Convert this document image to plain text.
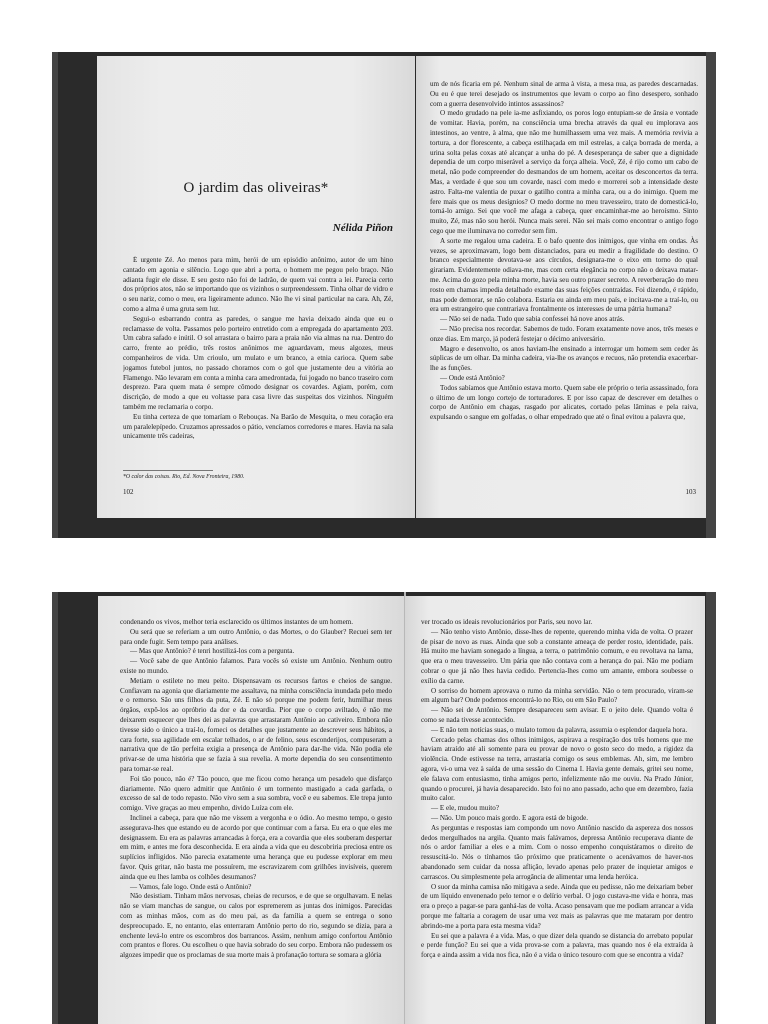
O jardim das oliveiras*
Nélida Piñon

É urgente Zé. Ao menos para mim, herói de um episódio anônimo, autor de um hino cantado em agonia e silêncio. Logo que abri a porta, o homem me pegou pelo braço. Não adianta fugir ele disse. E seu gesto não foi de ladrão, de quem vai contra a lei. Parecia certo dos próprios atos, não se importando que os vizinhos o surpreendessem. Tinha olhar de vidro e o seu nariz, como o meu, era ligeiramente adunco. Não lhe vi sinal particular na cara. Ah, Zé, como a alma é uma gruta sem luz.

Segui-o esbarrando contra as paredes, o sangue me havia deixado ainda que eu o reclamasse de volta. Passamos pelo porteiro entretido com a empregada do apartamento 203. Um cabra safado e inútil. O sol arrastara o bairro para a praia não via almas na rua. Dentro do carro, frente ao prédio, três rostos anônimos me aguardavam, meus algozes, meus companheiros de vida. Um crioulo, um mulato e um branco, a etnia carioca. Quem sabe jogamos futebol juntos, no passado choramos com o gol que justamente deu a vitória ao Flamengo. Não levaram em conta a minha cara amedrontada, fui jogado no banco traseiro com desprezo. Para quem mata é sempre cômodo designar os covardes. Agiam, porém, com discrição, de modo a que eu voltasse para casa livre das suspeitas dos vizinhos. Ninguém também me reclamaria o corpo.

Eu tinha certeza de que tomaríam o Rebouças. Na Barão de Mesquita, o meu coração era um paralelepípedo. Cruzamos apressados o pátio, vencíamos corredores e mares. Havia na sala unicamente três cadeiras,

*O calor das coisas. Rio, Ed. Nova Fronteira, 1980.
102

um de nós ficaria em pé. Nenhum sinal de arma à vista, a mesa nua, as paredes descarnadas. Ou eu é que terei desejado os instrumentos que levam o corpo ao fino desespero, sonhado com a guerra desenvolvido intintos assassinos?

O medo grudado na pele ia-me asfixiando, os poros logo entupiam-se de ânsia e vontade de vomitar. Havia, porém, na consciência uma brecha através da qual eu implorava aos intestinos, ao ventre, à alma, que não me humilhassem uma vez mais. A memória revivia a tortura, a dor florescente, a cabeça estilhaçada em mil estrelas, a calça borrada de merda, a urina solta pelas coxas até alcançar a unha do pé. A desesperança de saber que a dignidade dependia de um corpo miserável a serviço da força alheia. Você, Zé, é rijo como um cabo de metal, não pode compreender do desmandos de um homem, aceitar os desconcertos da terra. Mas, a verdade é que sou um covarde, nasci com medo e morrerei sob a intensidade deste astro. Falta-me valentia de puxar o gatilho contra a minha cara, ou a do inimigo. Quem me fere mais que os meus desígnios? O medo dorme no meu travesseiro, trato de domesticá-lo, torná-lo amigo. Sei que você me afaga a cabeça, quer encaminhar-me ao heroísmo. Sinto muito, Zé, mas não sou herói. Nunca mais serei. Não sei mais como encontrar o antigo fogo cego que me iluminava no corredor sem fim.

A sorte me regalou uma cadeira. E o bafo quente dos inimigos, que vinha em ondas. Às vezes, se aproximavam, logo bem distanciados, para eu medir a fragilidade do destino. O branco especialmente devotava-se aos círculos, designara-me o eixo em torno do qual girariam. Evidentemente odiava-me, mas com certa elegância no corpo não o deixava matar-me. Acima do gozo pela minha morte, havia seu outro prazer secreto. A reverberação do meu rosto em chamas impedia detalhado exame das suas feições contraídas. Foi dizendo, é rápido, mas pode demorar, se não colabora. Estaria eu ainda em meu país, e incitava-me a traí-lo, ou era um estrangeiro que contrariava frontalmente os interesses de uma pátria humana?

— Não sei de nada. Tudo que sabia confessei há nove anos atrás.

— Não precisa nos recordar. Sabemos de tudo. Foram exatamente nove anos, três meses e onze dias. Em março, já poderá festejar o décimo aniversário.

Magro e desenvolto, os anos haviam-lhe ensinado a interrogar um homem sem ceder às súplicas de um olhar. Da minha cadeira, via-lhe os avanços e recuos, não pretendia exacerbar-lhe as funções.

— Onde está Antônio?

Todos sabíamos que Antônio estava morto. Quem sabe ele próprio o teria assassinado, fora o último de um longo cortejo de torturadores. E por isso capaz de descrever em detalhes o corpo de Antônio em chagas, rasgado por alicates, cortado pelas lâminas e pela raiva, expulsando o sangue em golfadas, o olhar empedrado que até o final evitou a palavra que,

103

condenando os vivos, melhor teria esclarecido os últimos instantes de um homem.

Ou será que se referiam a um outro Antônio, o das Mortes, o do Glauber? Recuei sem ter para onde fugir. Sem tempo para análises.

— Mas que Antônio? é tenri hostilizá-los com a pergunta.

— Você sabe de que Antônio falamos. Para vocês só existe um Antônio. Nenhum outro existe no mundo.

Metiam o estilete no meu peito. Dispensavam os recursos fartos e cheios de sangue. Confiavam na agonia que diariamente me assaltava, na minha consciência inundada pelo medo e o remorso. São uns filhos da puta, Zé. E não só porque me podem ferir, humilhar meus órgãos, expô-los ao opróbrio da dor e da covardia. Pior que o corpo aviltado, é não me deixarem esquecer que lhes dei as palavras que arrastaram Antônio ao cativeiro. Embora não tivesse sido o único a traí-lo, forneci os detalhes que justamente ao descrever seus hábitos, a cara forte, sua agilidade em escalar telhados, o ar de felino, seus esconderijos, compuseram a narrativa que de tão perfeita exigia a presença de Antônio para dar-lhe vida. Não podia ele privar-se de uma história que se fazia à sua revelia. A morte dependia do seu consentimento para tornar-se real.

Foi tão pouco, não é? Tão pouco, que me ficou como herança um pesadelo que disfarço diariamente. Não quero admitir que Antônio é um tormento mastigado a cada garfada, o excesso de sal de todo repasto. Não vivo sem a sua sombra, você e eu sabemos. Ele trepa junto comigo. Vive graças ao meu empenho, divido Luíza com ele.

Inclinei a cabeça, para que não me vissem a vergonha e o ódio. Ao mesmo tempo, o gesto assegurava-lhes que estando eu de acordo por que continuar com a farsa. Eu era o que eles me designassem. Eu era as palavras arrancadas à força, era a covardia que eles souberam despertar em mim, e antes me fora desconhecida. E era ainda a vida que eu descobriria preciosa entre os suplícios infligidos. Não parecia exatamente uma herança que eu pudesse explorar em meu favor. Quis gritar, não basta me possuírem, me escravizarem com grilhões invisíveis, querem ainda que eu lhes lamba os colhões desumanos?

— Vamos, fale logo. Onde está o Antônio?

Não desistiam. Tinham mãos nervosas, cheias de recursos, e de que se orgulhavam. E nelas não se viam manchas de sangue, ou calos por espremerem as juntas dos inimigos. Parecidas com as minhas mãos, com as do meu pai, as da família a quem se entrega o sono despreocupado. E, no entanto, elas enterraram Antônio perto do rio, segundo se dizia, para a enchente levá-lo entre os escombros dos barrancos. Assim, nenhum amigo confortou Antônio com prantos e flores. Ou escolheu o que havia sobrado do seu corpo. Embora não pudessem os algozes impedir que os proclamas de sua morte mais à profanação tortura se somara a glória

ver trocado os ideais revolucionários por Paris, seu novo lar.

— Não tenho visto Antônio, disse-lhes de repente, querendo minha vida de volta. O prazer de pisar de novo as ruas. Ainda que sob a constante ameaça de perder rosto, identidade, país. Há muito me haviam sonegado a língua, a terra, o patrimônio comum, e eu revoltava na lama, que era o meu travesseiro. Um pária que não contava com a herança do pai. Não me podiam cobrar o que já não lhes havia cedido. Pertencia-lhes como um amante, embora soubesse o exílio da carne.

O sorriso do homem aprovava o rumo da minha servidão. Não o tem procurado, viram-se em algum bar? Onde podemos encontrá-lo no Rio, ou em São Paulo?

— Não sei de Antônio. Sempre desapareceu sem avisar. E o jeito dele. Quando volta é como se nada tivesse acontecido.

— E não tem notícias suas, o mulato tomou da palavra, assumia o esplendor daquela hora.

Cercado pelas chamas dos olhos inimigos, aspirava a respiração dos três homens que me haviam atraído até ali somente para eu provar de novo o gosto seco do medo, a rigidez da violência. Onde estivesse na terra, arrastaria comigo os seus emblemas. Ah, sim, me lembro agora, vi-o uma vez à saída de uma sessão do Cinema I. Havia gente demais, gritei seu nome, ele falava com entusiasmo, tinha amigos perto, infelizmente não me ouviu. Na Prado Júnior, quando o procurei, já havia desaparecido. Isto foi no ano passado, acho que em dezembro, fazia muito calor.

— E ele, mudou muito?

— Não. Um pouco mais gordo. E agora está de bigode.

As perguntas e respostas iam compondo um novo Antônio nascido da aspereza dos nossos dedos mergulhados na argila. Quanto mais falávamos, depressa Antônio recuperava diante de nós o ardor familiar a eles e a mim. Com o nosso empenho conquistáramos o direito de ressuscitá-lo. Nós o tínhamos tão próximo que praticamente o acenávamos de haver-nos abandonado sem cuidar da nossa aflição, levado apenas pelo prazer de inquietar amigos e carrascos. Ou simplesmente pela arrogância de alimentar uma lenda heróica.

O suor da minha camisa não mitigava a sede. Ainda que eu pedisse, não me deixariam beber de um líquido envenenado pelo temor e o delírio verbal. O jogo custava-me vida e honra, mas era o preço a pagar-se para ganhá-las de volta. Acaso pensavam que me podiam arrancar a vida porque me faltaria a coragem de usar uma vez mais as palavras que me mataram por dentro abrindo-me a porta para esta mesma vida?

Eu sei que a palavra é a vida. Mas, o que dizer dela quando se distancia do arrebato popular e perde função? Eu sei que a vida prova-se com a palavra, mas quando nos é ela extraída à força e ainda assim a vida nos fica, não é a vida o único tesouro com que se encontra a vida?
